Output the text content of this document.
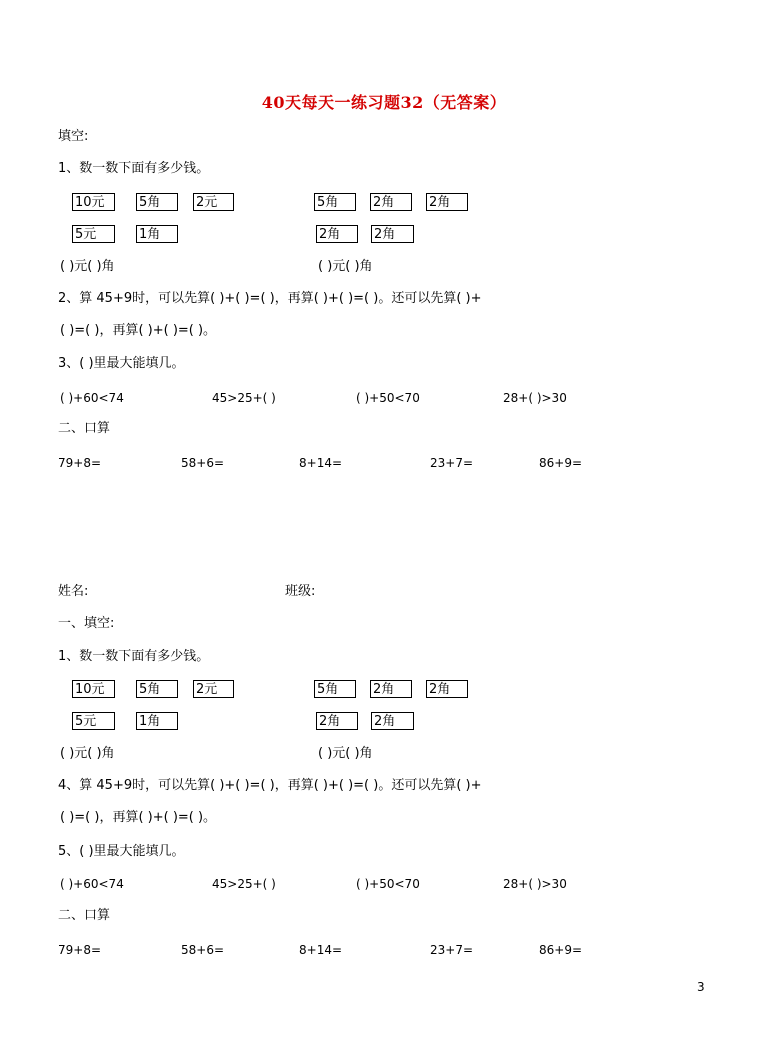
40天每天一练习题32（无答案）
填空:
1、数一数下面有多少钱。
10元	5角	2元
5元	1角
5角	2角	2角
2角	2角
( )元( )角	( )元( )角
2、算 45+9时，可以先算( )+( )=( )，再算( )+( )=( )。还可以先算( )+
( )=( )，再算( )+( )=( )。
3、( )里最大能填几。
( )+60<74	45>25+( )	( )+50<70	28+( )>30
二、口算
79+8=	58+6=	8+14=	23+7=	86+9=
姓名:	班级:
一、填空:
1、数一数下面有多少钱。
10元	5角	2元
5元	1角
5角	2角	2角
2角	2角
( )元( )角	( )元( )角
4、算 45+9时，可以先算( )+( )=( )，再算( )+( )=( )。还可以先算( )+
( )=( )，再算( )+( )=( )。
5、( )里最大能填几。
( )+60<74	45>25+( )	( )+50<70	28+( )>30
二、口算
79+8=	58+6=	8+14=	23+7=	86+9=
3
